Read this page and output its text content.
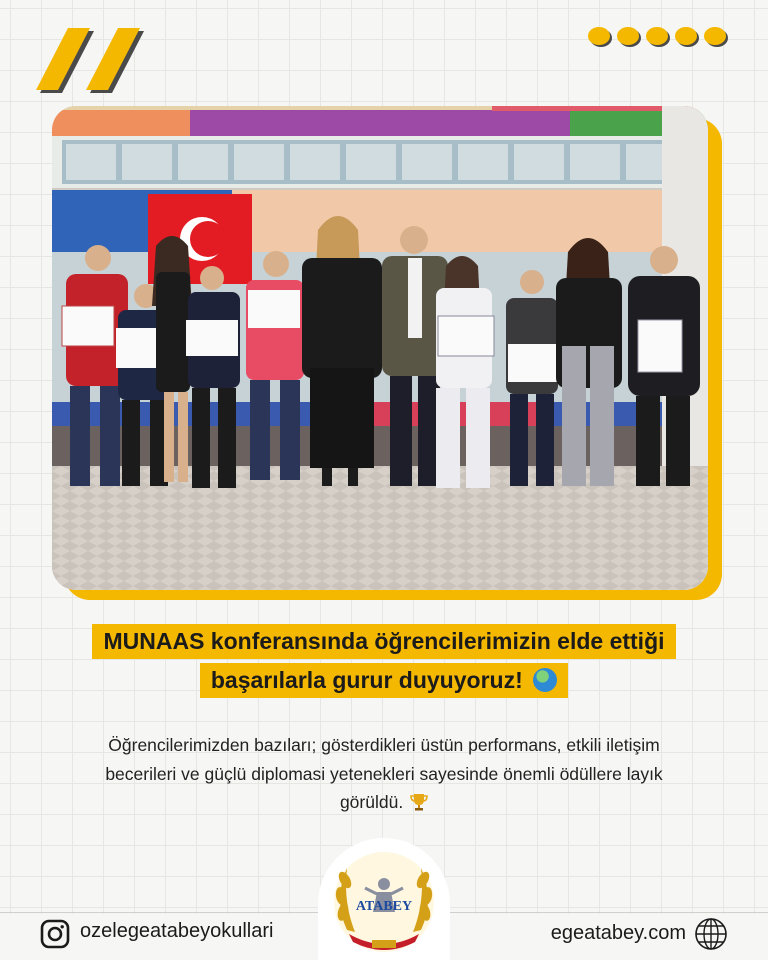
MUNAAS konferansında öğrencilerimizin elde ettiği
başarılarla gurur duyuyoruz!
Öğrencilerimizden bazıları; gösterdikleri üstün performans, etkili iletişim
becerileri ve güçlü diplomasi yetenekleri sayesinde önemli ödüllere layık
görüldü.
ozelegeatabeyokullari	egeatabey.com
ATABEY
